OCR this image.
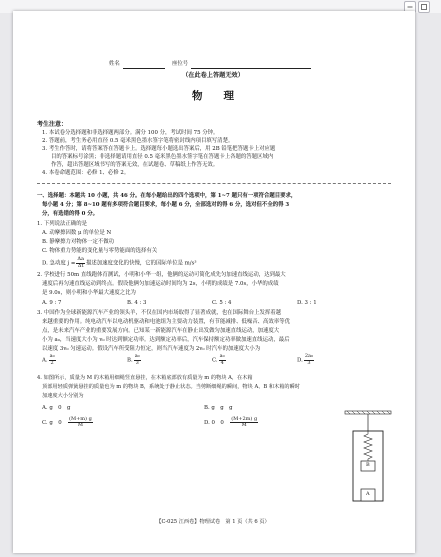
姓名	座位号
（在此卷上答题无效）
物　　理
考生注意：
1. 本试卷分选择题和非选择题两部分。满分 100 分，考试时间 75 分钟。
2. 答题前，考生务必用直径 0.5 毫米黑色墨水签字笔将密封线内项目填写清楚。
3. 考生作答时，请将答案答在答题卡上。选择题每小题选出答案后，用 2B 铅笔把答题卡上对应题
目的答案标号涂黑；非选择题请用直径 0.5 毫米黑色墨水签字笔在答题卡上各题的答题区域内
作答，超出答题区域书写的答案无效，在试题卷、草稿纸上作答无效。
4. 本卷命题范围：必修 1、必修 2。
一、选择题：本题共 10 小题，共 46 分。在每小题给出的四个选项中，第 1~7 题只有一项符合题目要求，
每小题 4 分；第 8~10 题有多项符合题目要求，每小题 6 分，全部选对的得 6 分，选对但不全的得 3
分，有选错的得 0 分。
1. 下列说法正确的是
A. 动摩擦因数 μ 的单位是 N
B. 静摩擦力对物体一定不做功
C. 物体重力势能的变化量与零势能面的选择有关
D. 急动度 $j = \frac{\Delta a}{\Delta t}$ 描述加速度变化的快慢，它的国际单位是 m/s³
2. 学校进行 50m 直线跑体育测试，小明和小华一组，他俩的运动可简化成先匀加速直线运动，达到最大
速度后再匀速直线运动到终点。假设他俩匀加速运动时间均为 2s，小明的成绩是 7.0s，小华的成绩
是 9.0s，则小明和小华最大速度之比为
A. 9 : 7	B. 4 : 3	C. 5 : 4	D. 3 : 1
3. 中国作为全球新能源汽车产业的领头羊，不仅在国内市场取得了显著成就，也在国际舞台上发挥着越
来越重要的作用。纯电动汽车以电动机驱动和电池组为主要动力装置，有节能减排、低噪音、高效率等优
点，是未来汽车产业的重要发展方向。已知某一新能源汽车在静止出发做匀加速直线运动，加速度大
小为 a₀，当速度大小为 v₀ 时达到额定功率。达到额定功率后，汽车保持额定功率做加速直线运动，最后
以速度 3v₀ 匀速运动。假设汽车所受阻力恒定，则当汽车速度为 2v₀ 时汽车的加速度大小为
A. $\frac{\text{a₀}}{2}$	B. $\frac{\text{a₀}}{3}$	C. $\frac{\text{a₀}}{4}$	D. $\frac{\text{2a₀}}{3}$
4. 如图所示，质量为 M 的木箱用细绳竖直悬挂，在木箱底部放有质量为 m 的物块 A，在木箱
顶部用轻质弹簧悬挂的质量也为 m 的物块 B，系统处于静止状态。当剪断细绳的瞬间，物块 A、B 和木箱的瞬时
加速度大小分别为
A. g　0　g	B. g　g　g
C. g　0　 $\frac{(M+m) g}{M}$	D. 0　0　 $\frac{(M+2m) g}{M}$
B
A
【C-025 江西卷】物理试卷　第 1 页（共 6 页）
